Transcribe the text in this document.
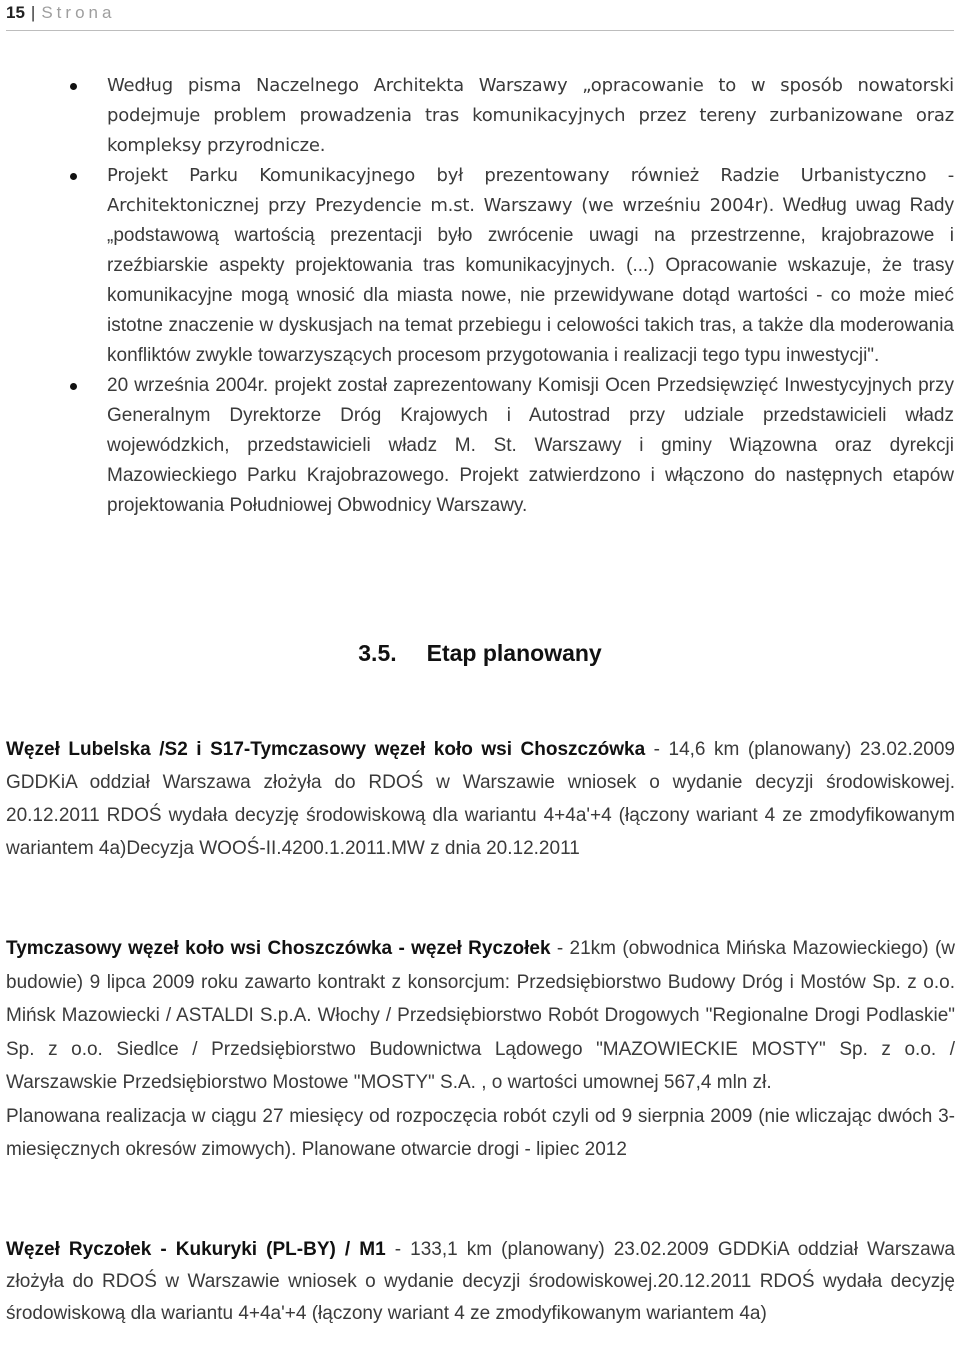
15 | Strona
Według pisma Naczelnego Architekta Warszawy „opracowanie to w sposób nowatorski podejmuje problem prowadzenia tras komunikacyjnych przez tereny zurbanizowane oraz kompleksy przyrodnicze.
Projekt Parku Komunikacyjnego był prezentowany również Radzie Urbanistyczno - Architektonicznej przy Prezydencie m.st. Warszawy (we wrześniu 2004r). Według uwag Rady „podstawową wartością prezentacji było zwrócenie uwagi na przestrzenne, krajobrazowe i rzeźbiarskie aspekty projektowania tras komunikacyjnych. (...) Opracowanie wskazuje, że trasy komunikacyjne mogą wnosić dla miasta nowe, nie przewidywane dotąd wartości - co może mieć istotne znaczenie w dyskusjach na temat przebiegu i celowości takich tras, a także dla moderowania konfliktów zwykle towarzyszących procesom przygotowania i realizacji tego typu inwestycji".
20 września 2004r. projekt został zaprezentowany Komisji Ocen Przedsięwzięć Inwestycyjnych przy Generalnym Dyrektorze Dróg Krajowych i Autostrad przy udziale przedstawicieli władz wojewódzkich, przedstawicieli władz M. St. Warszawy i gminy Wiązowna oraz dyrekcji Mazowieckiego Parku Krajobrazowego. Projekt zatwierdzono i włączono do następnych etapów projektowania Południowej Obwodnicy Warszawy.
3.5. Etap planowany
Węzeł Lubelska /S2 i S17-Tymczasowy węzeł koło wsi Choszczówka - 14,6 km (planowany) 23.02.2009 GDDKiA oddział Warszawa złożyła do RDOŚ w Warszawie wniosek o wydanie decyzji środowiskowej. 20.12.2011 RDOŚ wydała decyzję środowiskową dla wariantu 4+4a'+4 (łączony wariant 4 ze zmodyfikowanym wariantem 4a)Decyzja WOOŚ-II.4200.1.2011.MW z dnia 20.12.2011
Tymczasowy węzeł koło wsi Choszczówka - węzeł Ryczołek - 21km (obwodnica Mińska Mazowieckiego) (w budowie) 9 lipca 2009 roku zawarto kontrakt z konsorcjum: Przedsiębiorstwo Budowy Dróg i Mostów Sp. z o.o. Mińsk Mazowiecki / ASTALDI S.p.A. Włochy / Przedsiębiorstwo Robót Drogowych "Regionalne Drogi Podlaskie" Sp. z o.o. Siedlce / Przedsiębiorstwo Budownictwa Lądowego "MAZOWIECKIE MOSTY" Sp. z o.o. / Warszawskie Przedsiębiorstwo Mostowe "MOSTY" S.A. , o wartości umownej 567,4 mln zł.
Planowana realizacja w ciągu 27 miesięcy od rozpoczęcia robót czyli od 9 sierpnia 2009 (nie wliczając dwóch 3-miesięcznych okresów zimowych). Planowane otwarcie drogi - lipiec 2012
Węzeł Ryczołek - Kukuryki (PL-BY) / M1 - 133,1 km (planowany) 23.02.2009 GDDKiA oddział Warszawa złożyła do RDOŚ w Warszawie wniosek o wydanie decyzji środowiskowej.20.12.2011 RDOŚ wydała decyzję środowiskową dla wariantu 4+4a'+4 (łączony wariant 4 ze zmodyfikowanym wariantem 4a)
